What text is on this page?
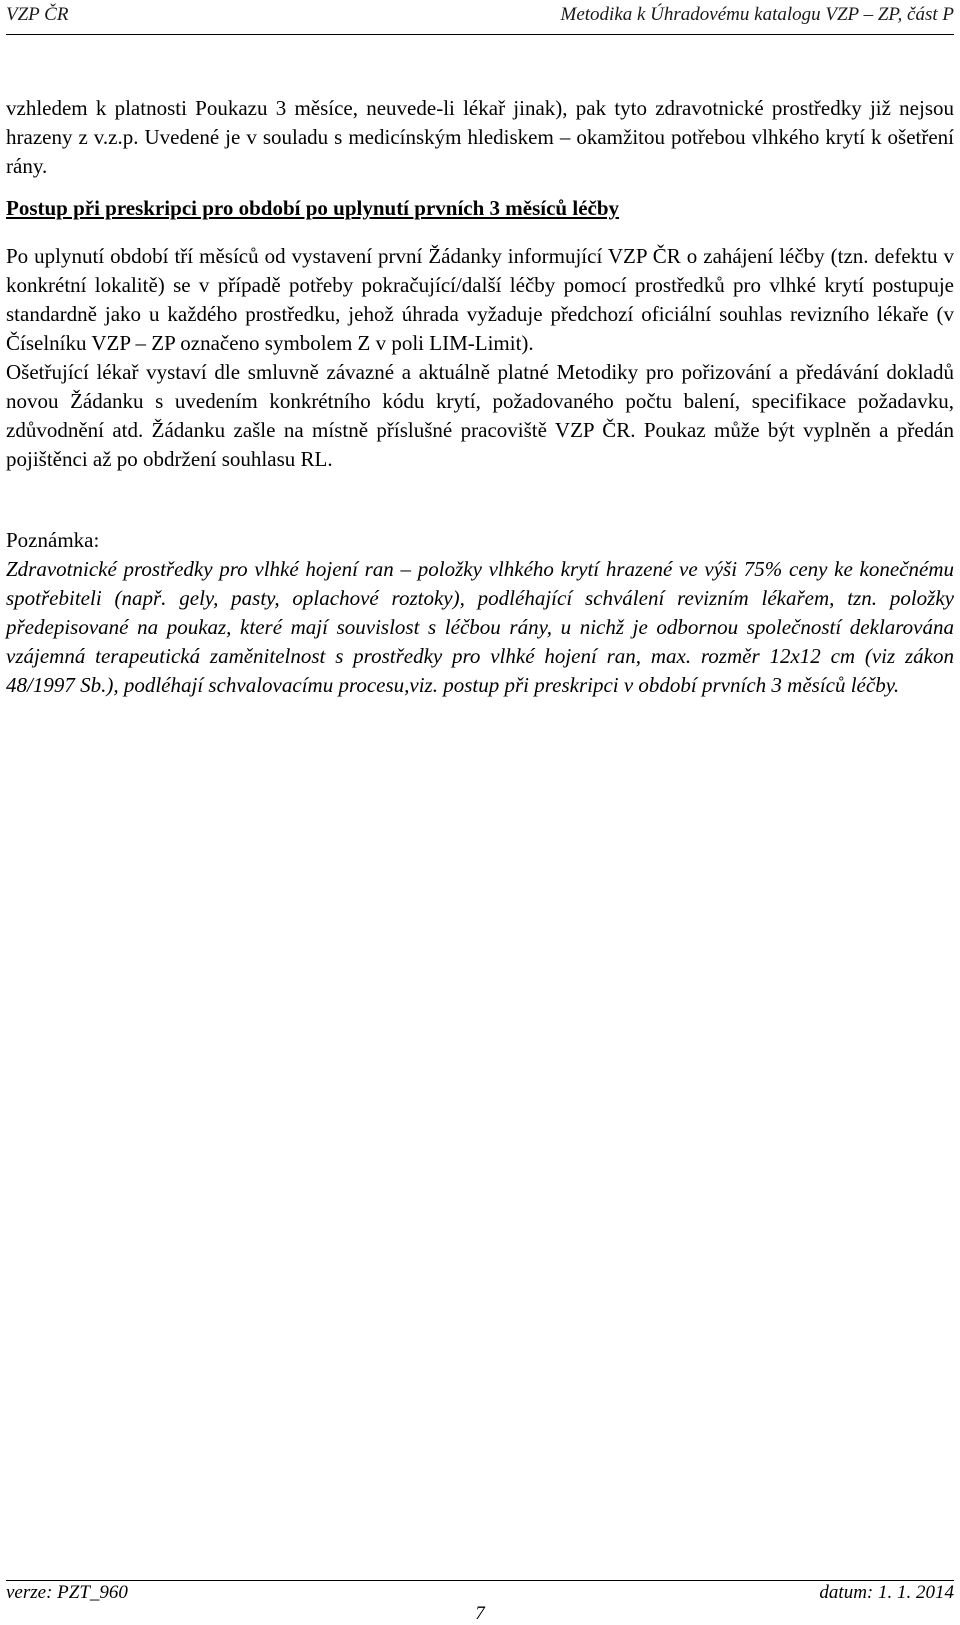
VZP ČR	Metodika k Úhradovému katalogu VZP – ZP, část P

vzhledem k platnosti Poukazu 3 měsíce, neuvede-li lékař jinak), pak tyto zdravotnické prostředky již nejsou hrazeny z v.z.p. Uvedené je v souladu s medicínským hlediskem – okamžitou potřebou vlhkého krytí k ošetření rány.

Postup při preskripci pro období po uplynutí prvních 3 měsíců léčby

Po uplynutí období tří měsíců od vystavení první Žádanky informující VZP ČR o zahájení léčby (tzn. defektu v konkrétní lokalitě) se v případě potřeby pokračující/další léčby pomocí prostředků pro vlhké krytí postupuje standardně jako u každého prostředku, jehož úhrada vyžaduje předchozí oficiální souhlas revizního lékaře (v Číselníku VZP – ZP označeno symbolem Z v poli LIM-Limit).

Ošetřující lékař vystaví dle smluvně závazné a aktuálně platné Metodiky pro pořizování a předávání dokladů novou Žádanku s uvedením konkrétního kódu krytí, požadovaného počtu balení, specifikace požadavku, zdůvodnění atd. Žádanku zašle na místně příslušné pracoviště VZP ČR. Poukaz může být vyplněn a předán pojištěnci až po obdržení souhlasu RL.

Poznámka:

Zdravotnické prostředky pro vlhké hojení ran – položky vlhkého krytí hrazené ve výši 75% ceny ke konečnému spotřebiteli (např. gely, pasty, oplachové roztoky), podléhající schválení revizním lékařem, tzn. položky předepisované na poukaz, které mají souvislost s léčbou rány, u nichž je odbornou společností deklarována vzájemná terapeutická zaměnitelnost s prostředky pro vlhké hojení ran, max. rozměr 12x12 cm (viz zákon 48/1997 Sb.), podléhají schvalovacímu procesu,viz. postup při preskripci v období prvních 3 měsíců léčby.

verze: PZT_960	datum: 1. 1. 2014
7
